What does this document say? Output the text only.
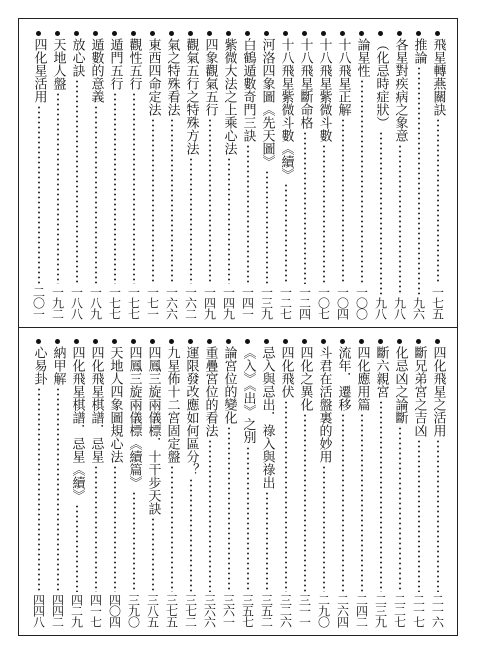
飛星轉燕關訣
一七五
推論
九六
各星對疾病之象意
九八
（化忌時症狀）
九八
論星性
一〇〇
十八飛星正解
一〇四
十八飛星紫微斗數
一〇七
十八飛星斷命格
一二四
十八飛星紫微斗數《續》
一二七
河洛四象圖《先天圖》
一三九
白鶴遁數奇門三訣
一四一
紫微大法之上乘心法
一四九
四象觀氣五行
一四九
觀氣五行之特殊方法
一六二
氣之特殊看法
一六六
東西四命定法
一七一
觀性五行
一七七
遁門五行
一七七
遁數的意義
一八九
放心訣
一八八
天地人盤
一九二
四化星活用
二〇一
四化飛星之活用
二一六
斷兄弟宮之吉凶
二一七
化忌凶之論斷
二二七
斷六親宮
二三九
四化應用篇
二四二
流年．遷移
二六四
斗君在活盤裏的妙用
二九〇
四化之異化
三一一
四化飛伏
三二六
忌入與忌出．祿入與祿出
三五二
《入》《出》之別
三五七
論宮位的變化
三六一
重疊宮位的看法
三六六
運限發改應如何區分？
三七二
九星佈十二宮固定盤
三七五
四鳳三旋兩儀標．十干步天訣
三八五
四鳳三旋兩儀標《續篇》
三九〇
天地人四象圖規心法
四〇四
四化飛星棋譜．忌星
四一七
四化飛星棋譜．忌星《續》
四二九
納甲解
四四二
心易卦
四四八
